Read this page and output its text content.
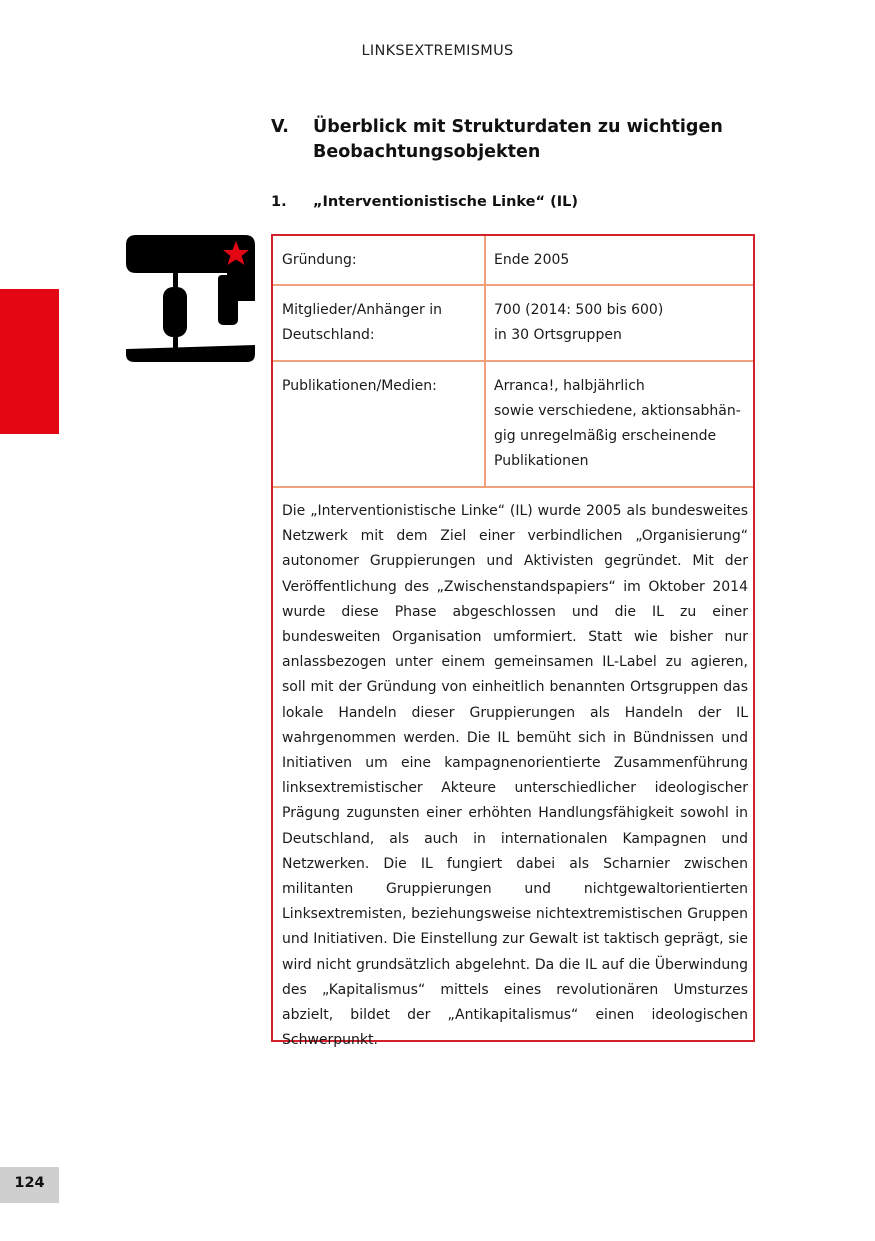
LINKSEXTREMISMUS
V. Überblick mit Strukturdaten zu wichtigen Beobachtungsobjekten
1. „Interventionistische Linke“ (IL)
Gründung:	Ende 2005
Mitglieder/Anhänger in Deutschland:
700 (2014: 500 bis 600)
in 30 Ortsgruppen
Publikationen/Medien:	Arranca!, halbjährlich
sowie verschiedene, aktionsabhän-gig unregelmäßig erscheinende Publikationen
Die „Interventionistische Linke“ (IL) wurde 2005 als bundesweites Netzwerk mit dem Ziel einer verbindlichen „Organisierung“ autonomer Gruppierungen und Aktivisten gegründet. Mit der Veröffentlichung des „Zwischenstandspapiers“ im Oktober 2014 wurde diese Phase abgeschlossen und die IL zu einer bundesweiten Organisation umformiert. Statt wie bisher nur anlassbezogen unter einem gemeinsamen IL-Label zu agieren, soll mit der Gründung von einheitlich benannten Ortsgruppen das lokale Handeln dieser Gruppierungen als Handeln der IL wahrgenommen werden. Die IL bemüht sich in Bündnissen und Initiativen um eine kampagnenorientierte Zusammenführung linksextremistischer Akteure unterschiedlicher ideologischer Prägung zugunsten einer erhöhten Handlungsfähigkeit sowohl in Deutschland, als auch in internationalen Kampagnen und Netzwerken. Die IL fungiert dabei als Scharnier zwischen militanten Gruppierungen und nichtgewaltorientierten Linksextremisten, beziehungsweise nichtextremistischen Gruppen und Initiativen. Die Einstellung zur Gewalt ist taktisch geprägt, sie wird nicht grundsätzlich abgelehnt. Da die IL auf die Überwindung des „Kapitalismus“ mittels eines revolutionären Umsturzes abzielt, bildet der „Antikapitalismus“ einen ideologischen Schwerpunkt.
124
